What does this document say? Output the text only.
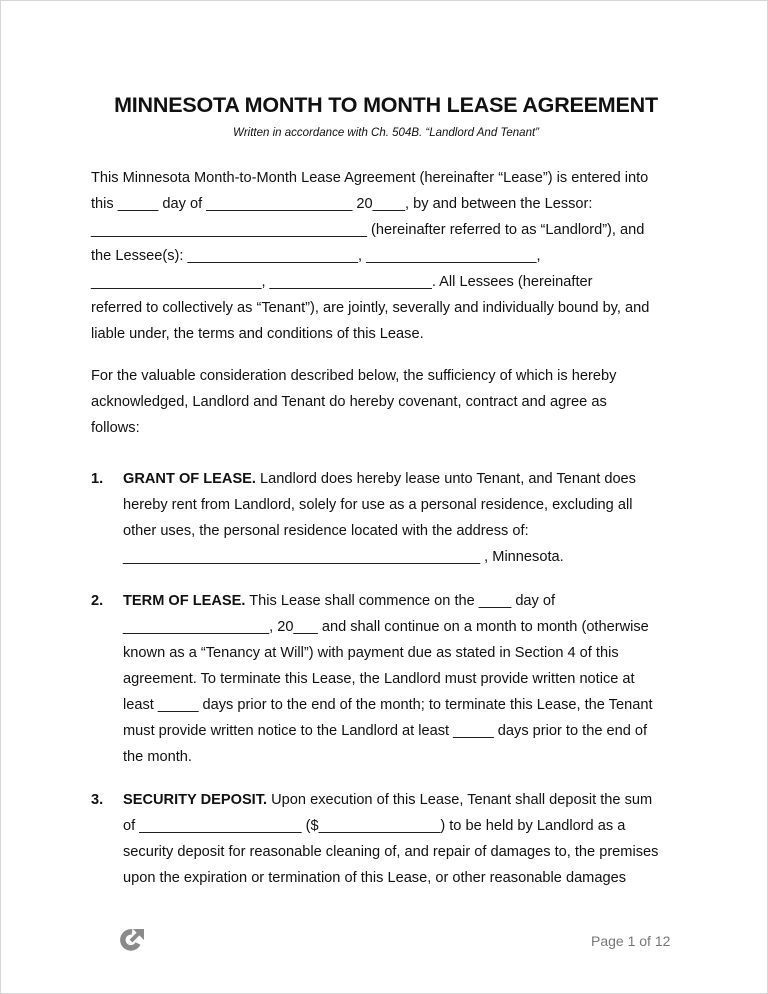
MINNESOTA MONTH TO MONTH LEASE AGREEMENT
Written in accordance with Ch. 504B. “Landlord And Tenant”
This Minnesota Month-to-Month Lease Agreement (hereinafter “Lease”) is entered into
this _____ day of __________________ 20____, by and between the Lessor:
__________________________________ (hereinafter referred to as “Landlord”), and
the Lessee(s): _____________________, _____________________,
_____________________, ____________________. All Lessees (hereinafter
referred to collectively as “Tenant”), are jointly, severally and individually bound by, and
liable under, the terms and conditions of this Lease.
For the valuable consideration described below, the sufficiency of which is hereby
acknowledged, Landlord and Tenant do hereby covenant, contract and agree as
follows:
1. GRANT OF LEASE. Landlord does hereby lease unto Tenant, and Tenant does
hereby rent from Landlord, solely for use as a personal residence, excluding all
other uses, the personal residence located with the address of:
____________________________________________ , Minnesota.
2. TERM OF LEASE. This Lease shall commence on the ____ day of
__________________, 20___ and shall continue on a month to month (otherwise
known as a “Tenancy at Will”) with payment due as stated in Section 4 of this
agreement. To terminate this Lease, the Landlord must provide written notice at
least _____ days prior to the end of the month; to terminate this Lease, the Tenant
must provide written notice to the Landlord at least _____ days prior to the end of
the month.
3. SECURITY DEPOSIT. Upon execution of this Lease, Tenant shall deposit the sum
of ____________________ ($_______________) to be held by Landlord as a
security deposit for reasonable cleaning of, and repair of damages to, the premises
upon the expiration or termination of this Lease, or other reasonable damages
Page 1 of 12
